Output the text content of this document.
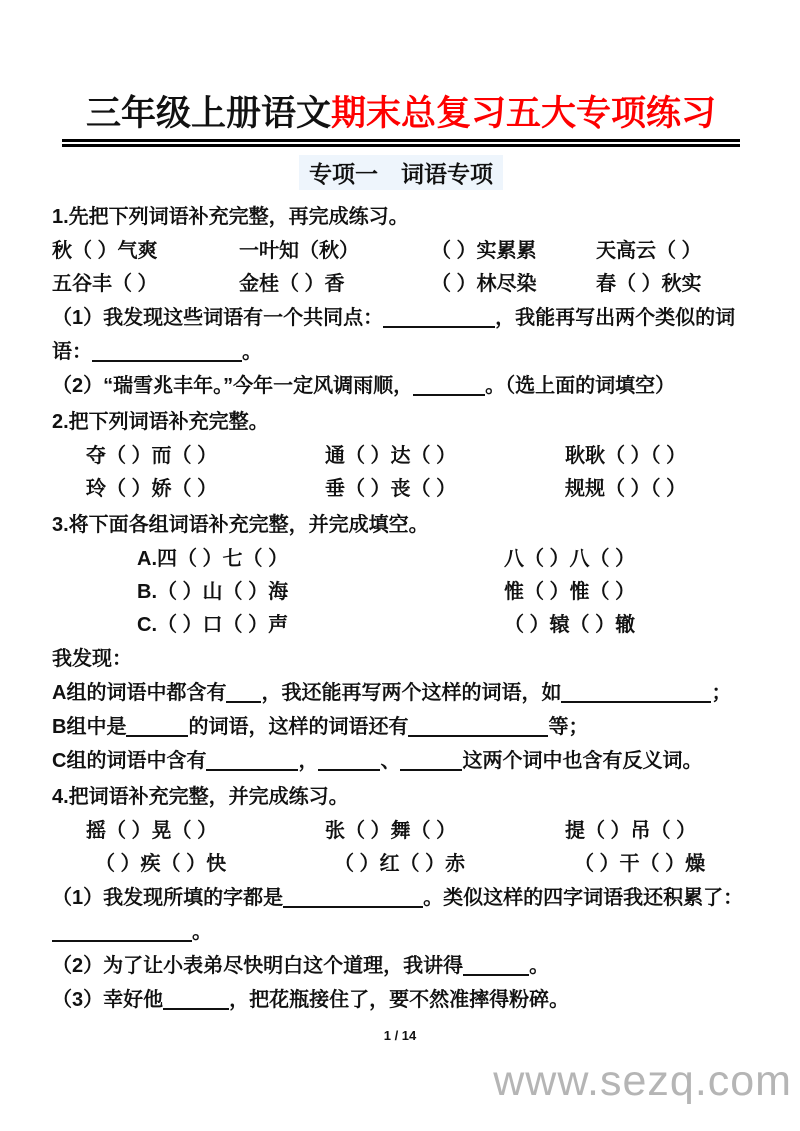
三年级上册语文期末总复习五大专项练习
专项一　词语专项

1.先把下列词语补充完整，再完成练习。

秋（ ）气爽	一叶知（秋）	（ ）实累累	天高云（ ）
五谷丰（ ）	金桂（ ）香	（ ）林尽染	春（ ）秋实

（1）我发现这些词语有一个共同点：	，我能再写出两个类似的词

语：	。

（2）“瑞雪兆丰年。”今年一定风调雨顺，	。（选上面的词填空）

2.把下列词语补充完整。

夺（ ）而（ ）	通（ ）达（ ）	耿耿（ ）（ ）
玲（ ）娇（ ）	垂（ ）丧（ ）	规规（ ）（ ）

3.将下面各组词语补充完整，并完成填空。

A.四（ ）七（ ）	八（ ）八（ ）
B.（ ）山（ ）海	惟（ ）惟（ ）
C.（ ）口（ ）声	（ ）辕（ ）辙

我发现：

A组的词语中都含有 ，我还能再写两个这样的词语，如	；

B组中是	的词语，这样的词语还有	等；

C组的词语中含有	，	、	这两个词中也含有反义词。

4.把词语补充完整，并完成练习。

摇（ ）晃（ ）	张（ ）舞（ ）	提（ ）吊（ ）
（ ）疾（ ）快	（ ）红（ ）赤	（ ）干（ ）燥

（1）我发现所填的字都是	。类似这样的四字词语我还积累了：

。

（2）为了让小表弟尽快明白这个道理，我讲得	。

（3）幸好他	，把花瓶接住了，要不然准摔得粉碎。

1 / 14
www.sezq.com
